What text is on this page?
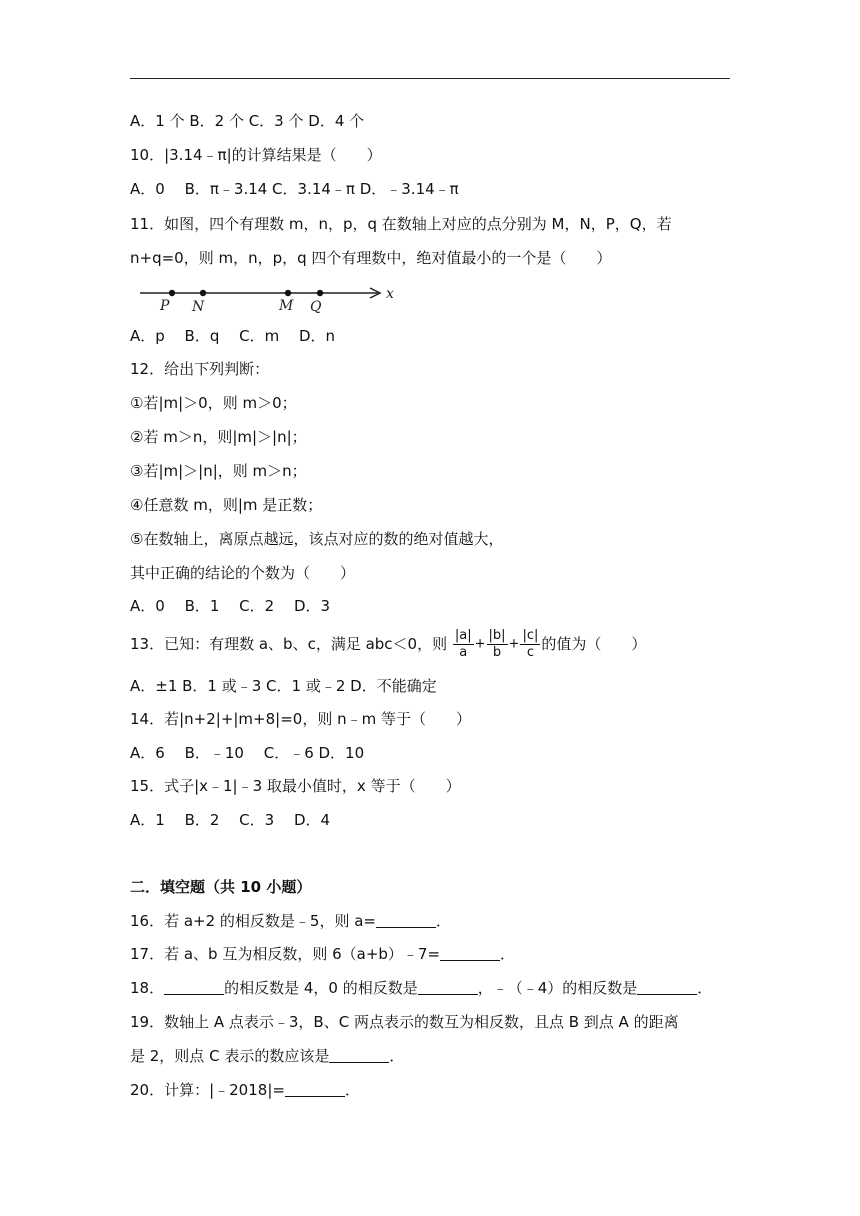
A．1 个 B．2 个 C．3 个 D．4 个
10．|3.14﹣π|的计算结果是（　　）
A．0　 B．π﹣3.14 C．3.14﹣π D．﹣3.14﹣π
11．如图，四个有理数 m，n，p，q 在数轴上对应的点分别为 M，N，P，Q，若 n+q=0，则 m，n，p，q 四个有理数中，绝对值最小的一个是（　　）
P N	M Q
x
A．p　 B．q　 C．m　 D．n
12．给出下列判断：
①若|m|＞0，则 m＞0；
②若 m＞n，则|m|＞|n|；
③若|m|＞|n|，则 m＞n；
④任意数 m，则|m 是正数；
⑤在数轴上，离原点越远，该点对应的数的绝对值越大，
其中正确的结论的个数为（　　）
A．0　 B．1　 C．2　 D．3
13．已知：有理数 a、b、c，满足 abc＜0，则 $\frac{|a|}{a} + \frac{|b|}{b} + \frac{|c|}{c}$ 的值为（　　）
A．±1 B．1 或﹣3 C．1 或﹣2 D．不能确定
14．若|n+2|+|m+8|=0，则 n﹣m 等于（　　）
A．6　 B．﹣10　 C．﹣6 D．10
15．式子|x﹣1|﹣3 取最小值时，x 等于（　　）
A．1　 B．2　 C．3　 D．4
二．填空题（共 10 小题）
16．若 a+2 的相反数是﹣5，则 a=	．
17．若 a、b 互为相反数，则 6（a+b）﹣7=	．
18．	的相反数是 4，0 的相反数是	，﹣（﹣4）的相反数是	．
19．数轴上 A 点表示﹣3，B、C 两点表示的数互为相反数，且点 B 到点 A 的距离
是 2，则点 C 表示的数应该是	．
20．计算：|﹣2018|=	．
